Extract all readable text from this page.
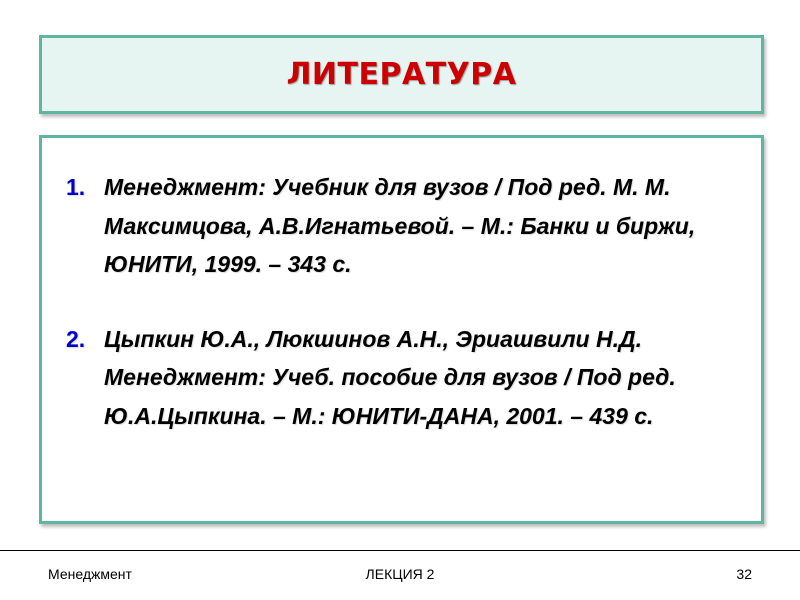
ЛИТЕРАТУРА
1. Менеджмент: Учебник для вузов / Под ред. М. М. Максимцова, А.В.Игнатьевой. – М.: Банки и биржи, ЮНИТИ, 1999. – 343 с.
2. Цыпкин Ю.А., Люкшинов А.Н., Эриашвили Н.Д. Менеджмент: Учеб. пособие для вузов / Под ред. Ю.А.Цыпкина. – М.: ЮНИТИ-ДАНА, 2001. – 439 с.
Менеджмент	ЛЕКЦИЯ 2	32
